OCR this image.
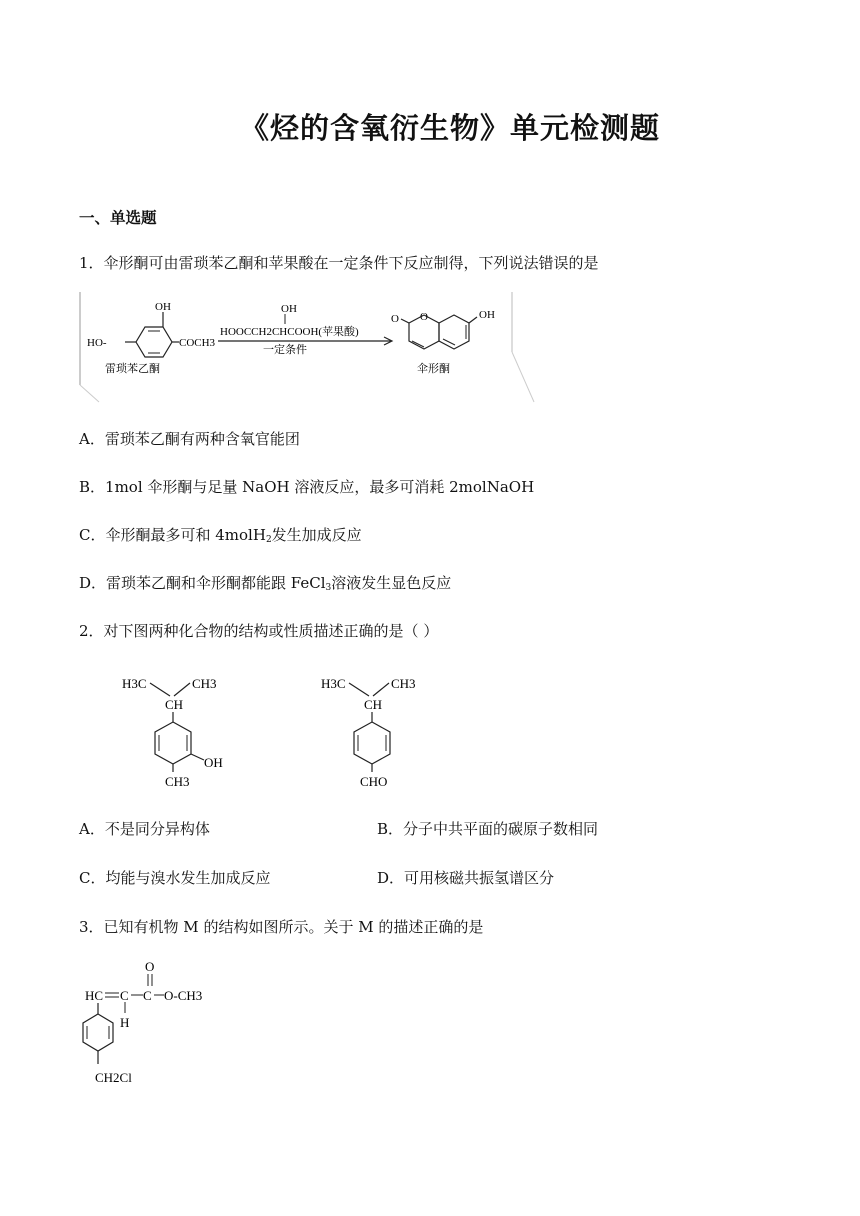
《烃的含氧衍生物》单元检测题
一、单选题
1．伞形酮可由雷琐苯乙酮和苹果酸在一定条件下反应制得，下列说法错误的是
OH
HO-	COCH3
雷琐苯乙酮
OH
HOOCCH2CHCOOH(苹果酸)
一定条件
O O	OH
伞形酮
A．雷琐苯乙酮有两种含氧官能团
B．1mol 伞形酮与足量 NaOH 溶液反应，最多可消耗 2molNaOH
C．伞形酮最多可和 4molH$_2$发生加成反应
D．雷琐苯乙酮和伞形酮都能跟 FeCl$_3$溶液发生显色反应
2．对下图两种化合物的结构或性质描述正确的是（ ）
H3C	CH3
CH
OH
CH3
H3C	CH3
CH
CHO
A．不是同分异构体	B．分子中共平面的碳原子数相同
C．均能与溴水发生加成反应	D．可用核磁共振氢谱区分
3．已知有机物 M 的结构如图所示。关于 M 的描述正确的是
O
HC C C O-CH3
H
CH2Cl
